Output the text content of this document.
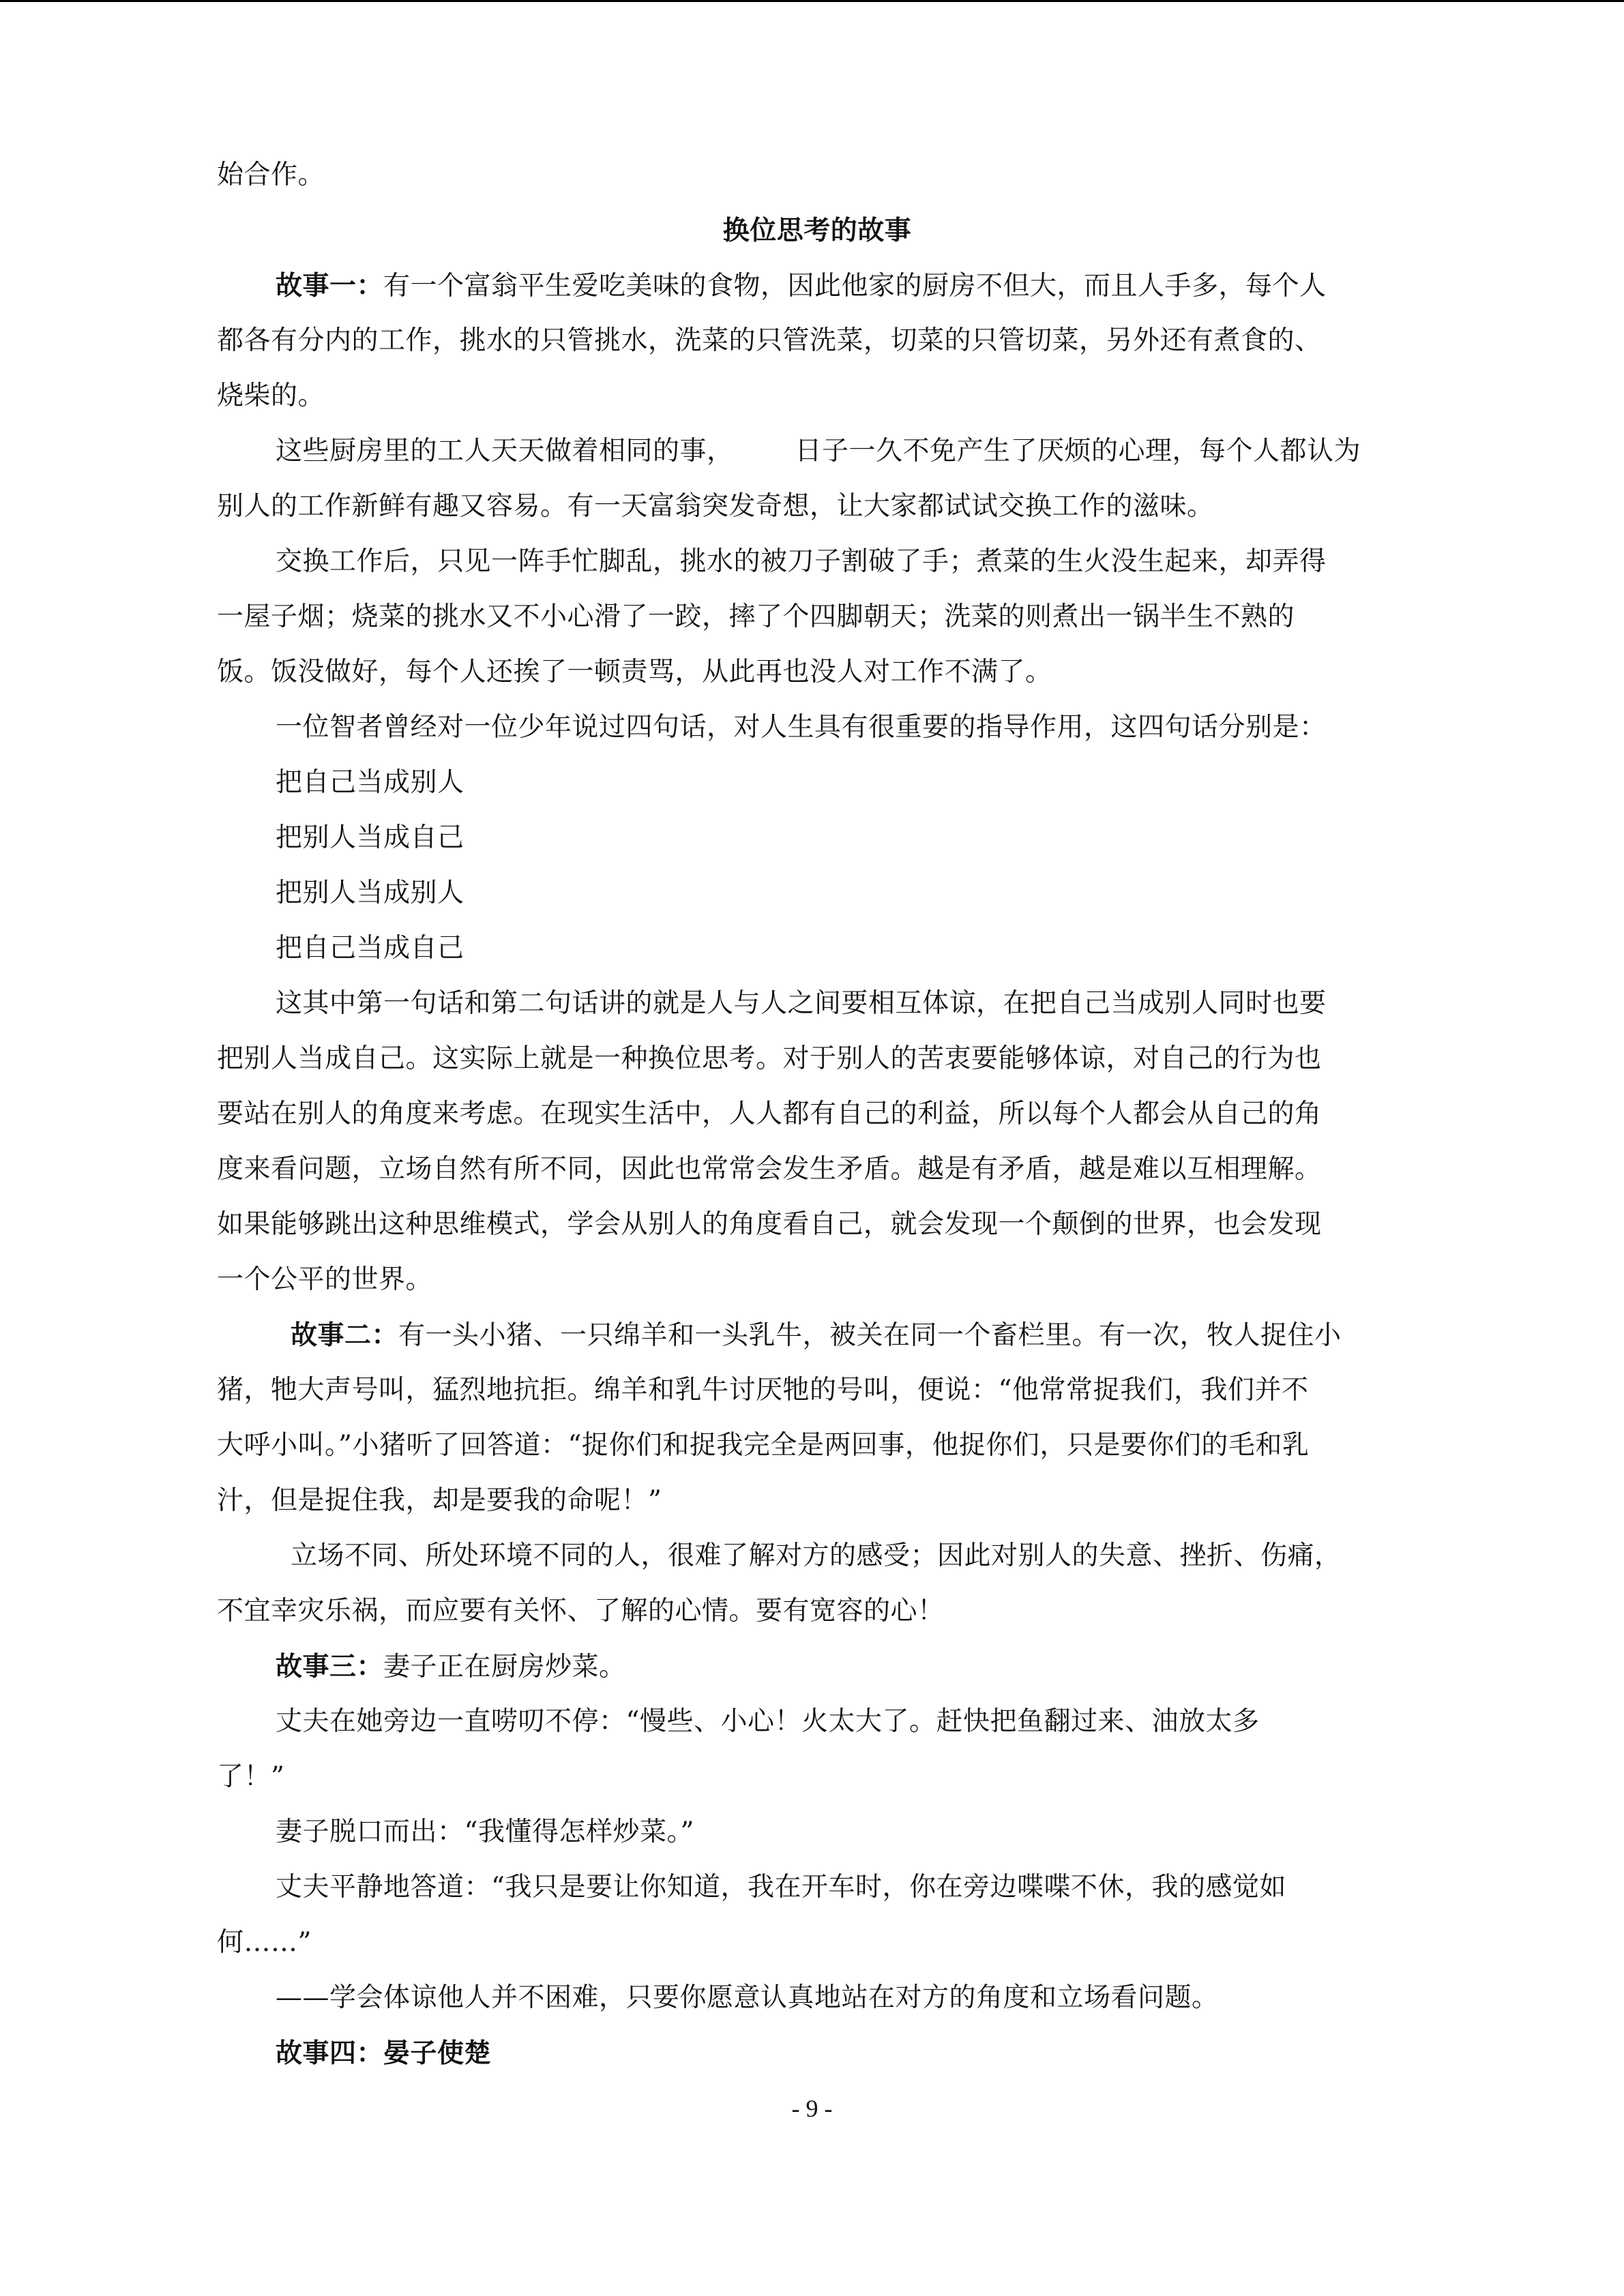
始合作。
换位思考的故事
故事一：有一个富翁平生爱吃美味的食物，因此他家的厨房不但大，而且人手多，每个人
都各有分内的工作，挑水的只管挑水，洗菜的只管洗菜，切菜的只管切菜，另外还有煮食的、
烧柴的。
这些厨房里的工人天天做着相同的事， 日子一久不免产生了厌烦的心理，每个人都认为
别人的工作新鲜有趣又容易。有一天富翁突发奇想，让大家都试试交换工作的滋味。
交换工作后，只见一阵手忙脚乱，挑水的被刀子割破了手；煮菜的生火没生起来，却弄得
一屋子烟；烧菜的挑水又不小心滑了一跤，摔了个四脚朝天；洗菜的则煮出一锅半生不熟的
饭。饭没做好，每个人还挨了一顿责骂，从此再也没人对工作不满了。
一位智者曾经对一位少年说过四句话，对人生具有很重要的指导作用，这四句话分别是：
把自己当成别人
把别人当成自己
把别人当成别人
把自己当成自己
这其中第一句话和第二句话讲的就是人与人之间要相互体谅，在把自己当成别人同时也要
把别人当成自己。这实际上就是一种换位思考。对于别人的苦衷要能够体谅，对自己的行为也
要站在别人的角度来考虑。在现实生活中，人人都有自己的利益，所以每个人都会从自己的角
度来看问题，立场自然有所不同，因此也常常会发生矛盾。越是有矛盾，越是难以互相理解。
如果能够跳出这种思维模式，学会从别人的角度看自己，就会发现一个颠倒的世界，也会发现
一个公平的世界。
故事二：有一头小猪、一只绵羊和一头乳牛，被关在同一个畜栏里。有一次，牧人捉住小
猪，牠大声号叫，猛烈地抗拒。绵羊和乳牛讨厌牠的号叫，便说：“他常常捉我们，我们并不
大呼小叫。”小猪听了回答道：“捉你们和捉我完全是两回事，他捉你们，只是要你们的毛和乳
汁，但是捉住我，却是要我的命呢！”
立场不同、所处环境不同的人，很难了解对方的感受；因此对别人的失意、挫折、伤痛，
不宜幸灾乐祸，而应要有关怀、了解的心情。要有宽容的心！
故事三：妻子正在厨房炒菜。
丈夫在她旁边一直唠叨不停：“慢些、小心！火太大了。赶快把鱼翻过来、油放太多
了！”
妻子脱口而出：“我懂得怎样炒菜。”
丈夫平静地答道：“我只是要让你知道，我在开车时，你在旁边喋喋不休，我的感觉如
何……”
——学会体谅他人并不困难，只要你愿意认真地站在对方的角度和立场看问题。
故事四：晏子使楚
- 9 -
